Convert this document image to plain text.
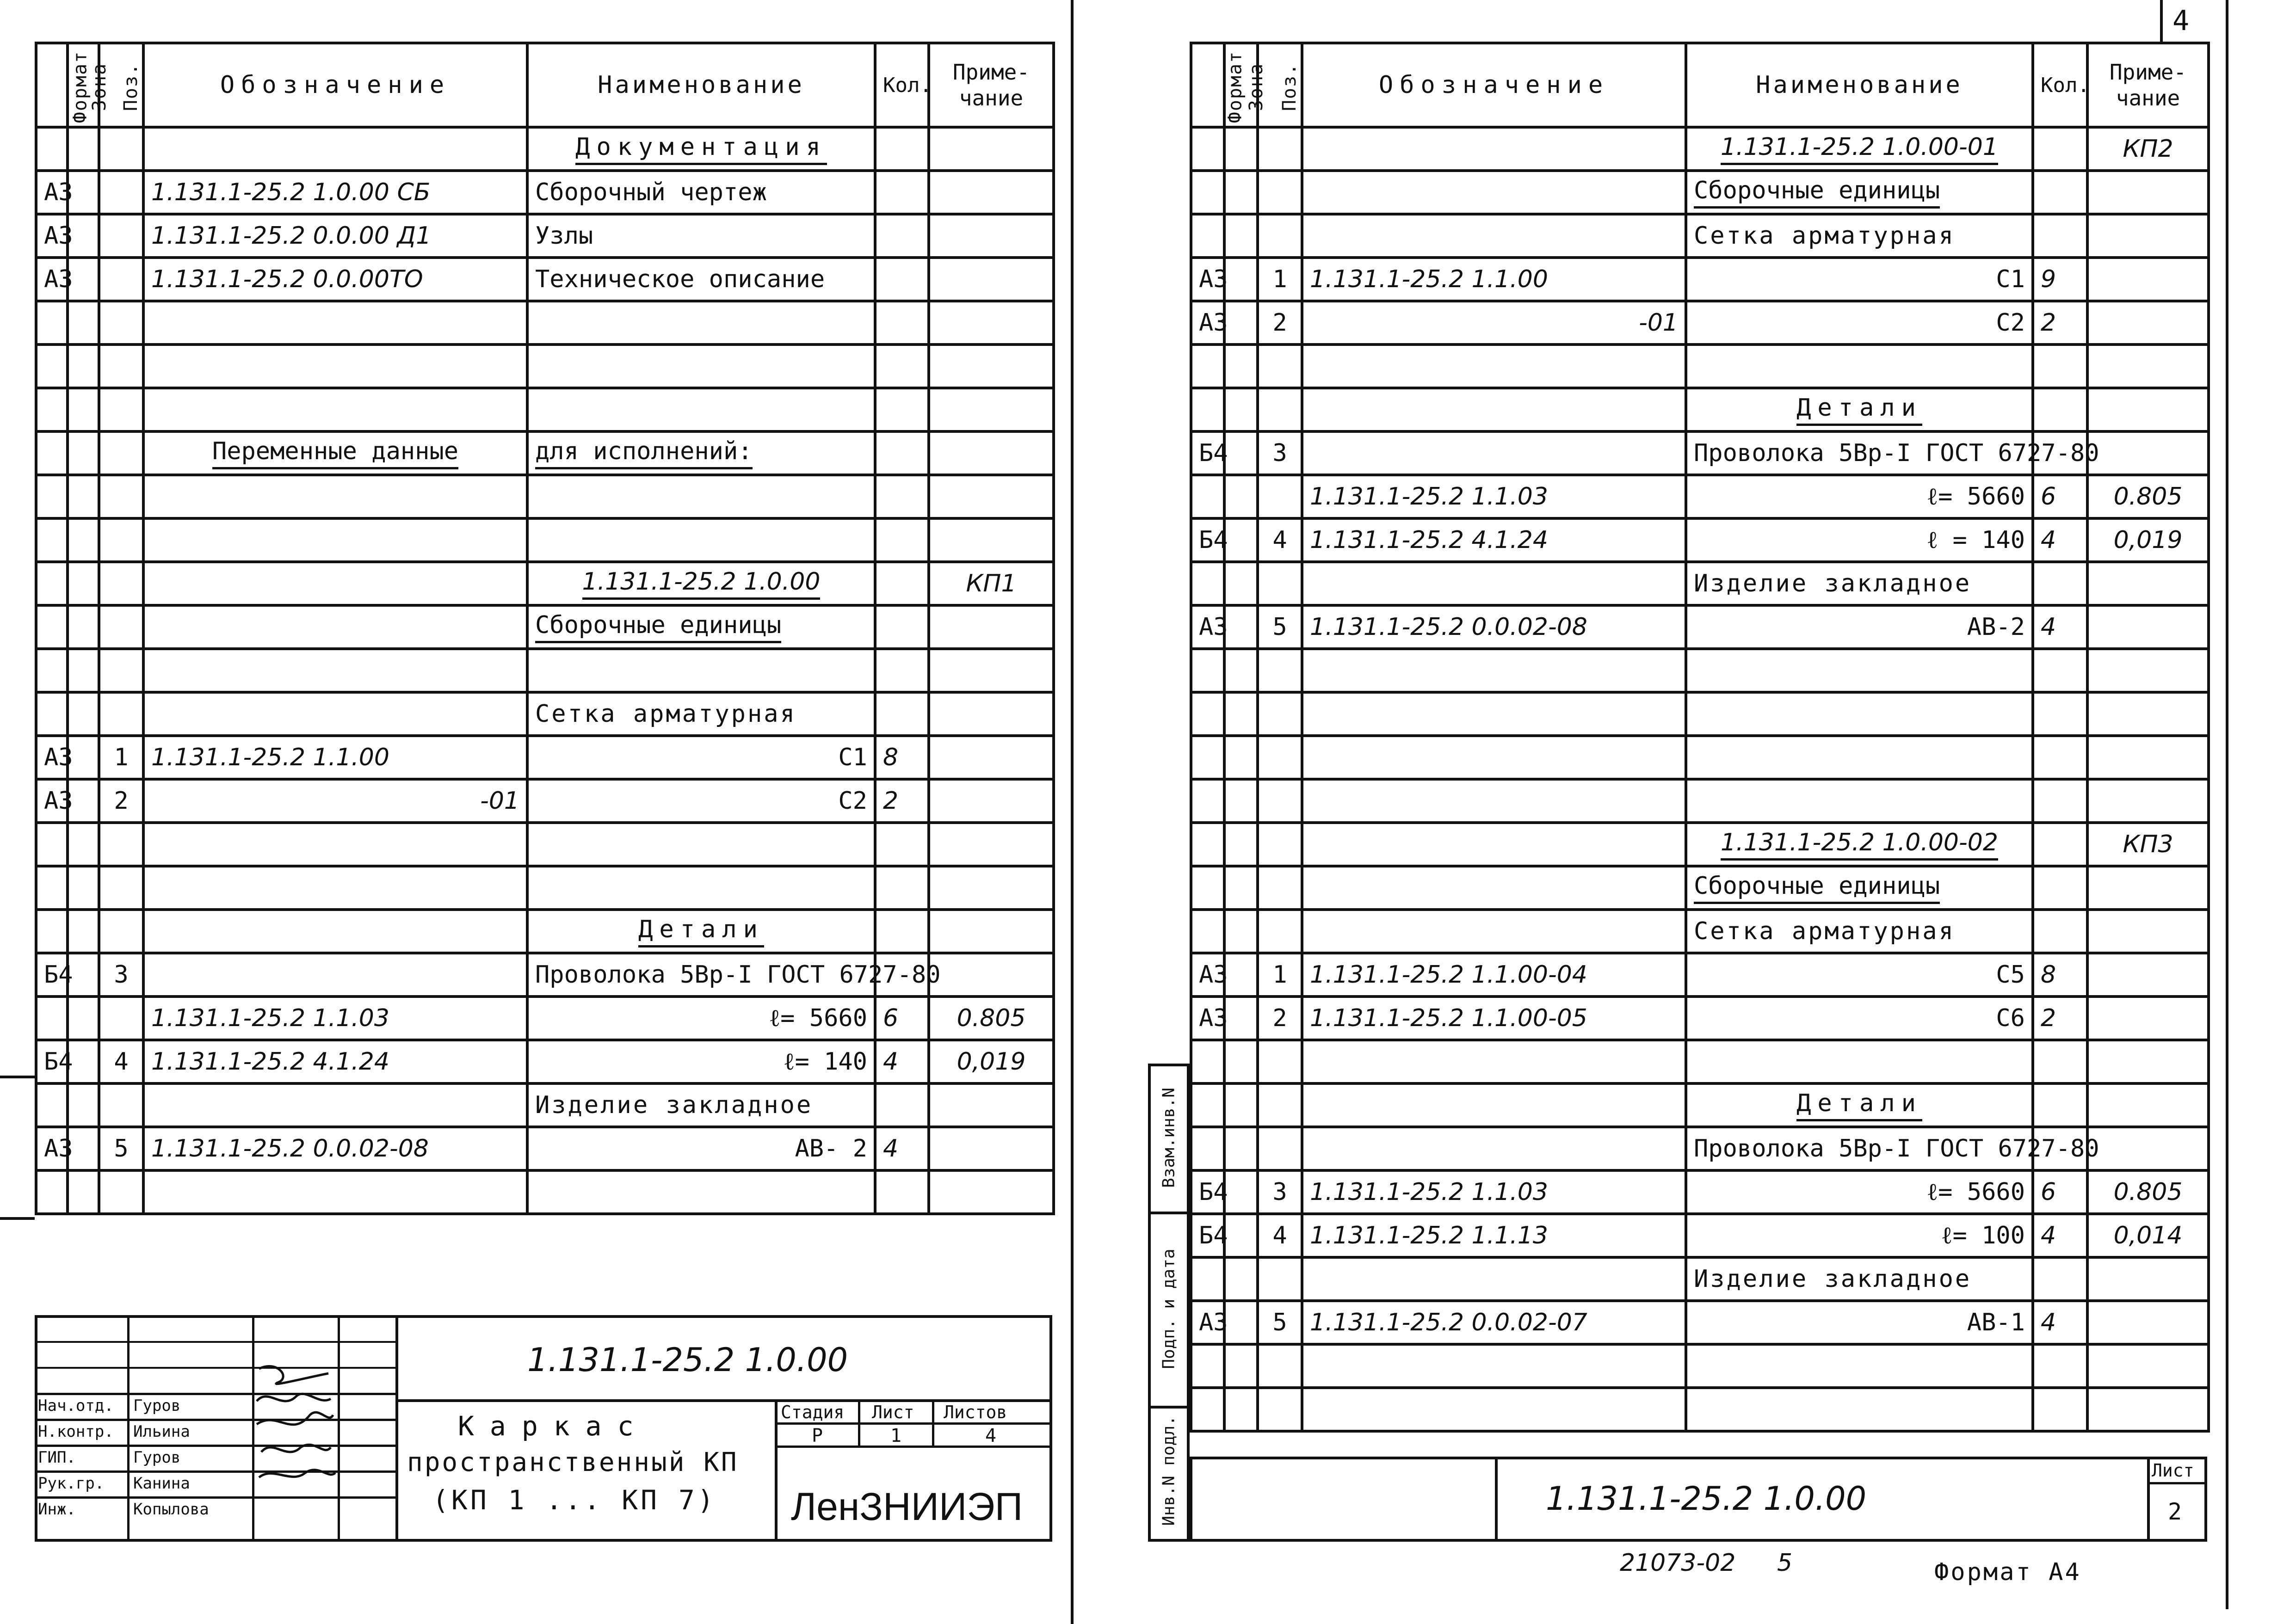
Формат	Зона	Поз.	Обозначение	Наименование	Кол.	Приме-
чание
				Документация		
А3			1.131.1-25.2 1.0.00 СБ	Сборочный чертеж		
А3			1.131.1-25.2 0.0.00 Д1	Узлы		
А3			1.131.1-25.2 0.0.00ТО	Техническое описание		

			Переменные данные	для исполнений:		

				1.131.1-25.2 1.0.00		КП1
				Сборочные единицы		

				Сетка арматурная		
А3		1	1.131.1-25.2 1.1.00	С1	8	
А3		2	-01	С2	2	

				Детали		
Б4		3		Проволока 5Вр-I ГОСТ 6727-80		
			1.131.1-25.2 1.1.03	ℓ= 5660	6	0.805
Б4		4	1.131.1-25.2 4.1.24	ℓ= 140	4	0,019
				Изделие закладное		
А3		5	1.131.1-25.2 0.0.02-08	АВ- 2	4	

Нач.отд. Гуров
Н.контр. Ильина
ГИП.	Гуров
Рук.гр. Канина
Инж.	Копылова
1.131.1-25.2 1.0.00
Каркас
пространственный КП
(КП 1 ... КП 7)
Стадия Лист Листов
Р	1	4
ЛенЗНИИЭП
4
Формат	Зона	Поз.	Обозначение	Наименование	Кол.	Приме-
чание
				1.131.1-25.2 1.0.00-01		КП2
				Сборочные единицы		
				Сетка арматурная		
А3		1	1.131.1-25.2 1.1.00	С1	9	
А3		2	-01	С2	2	

				Детали		
Б4		3		Проволока 5Вр-I ГОСТ 6727-80		
			1.131.1-25.2 1.1.03	ℓ= 5660	6	0.805
Б4		4	1.131.1-25.2 4.1.24	ℓ = 140	4	0,019
				Изделие закладное		
А3		5	1.131.1-25.2 0.0.02-08	АВ-2	4	

				1.131.1-25.2 1.0.00-02		КП3
				Сборочные единицы		
				Сетка арматурная		
А3		1	1.131.1-25.2 1.1.00-04	С5	8	
А3		2	1.131.1-25.2 1.1.00-05	С6	2	

				Детали		
				Проволока 5Вр-I ГОСТ 6727-80		
Б4		3	1.131.1-25.2 1.1.03	ℓ= 5660	6	0.805
Б4		4	1.131.1-25.2 1.1.13	ℓ= 100	4	0,014
				Изделие закладное		
А3		5	1.131.1-25.2 0.0.02-07	АВ-1	4	

Инв.N подл.
Подп. и дата
Взам.инв.N
1.131.1-25.2 1.0.00
Лист
2
21073-02 5	Формат А4
